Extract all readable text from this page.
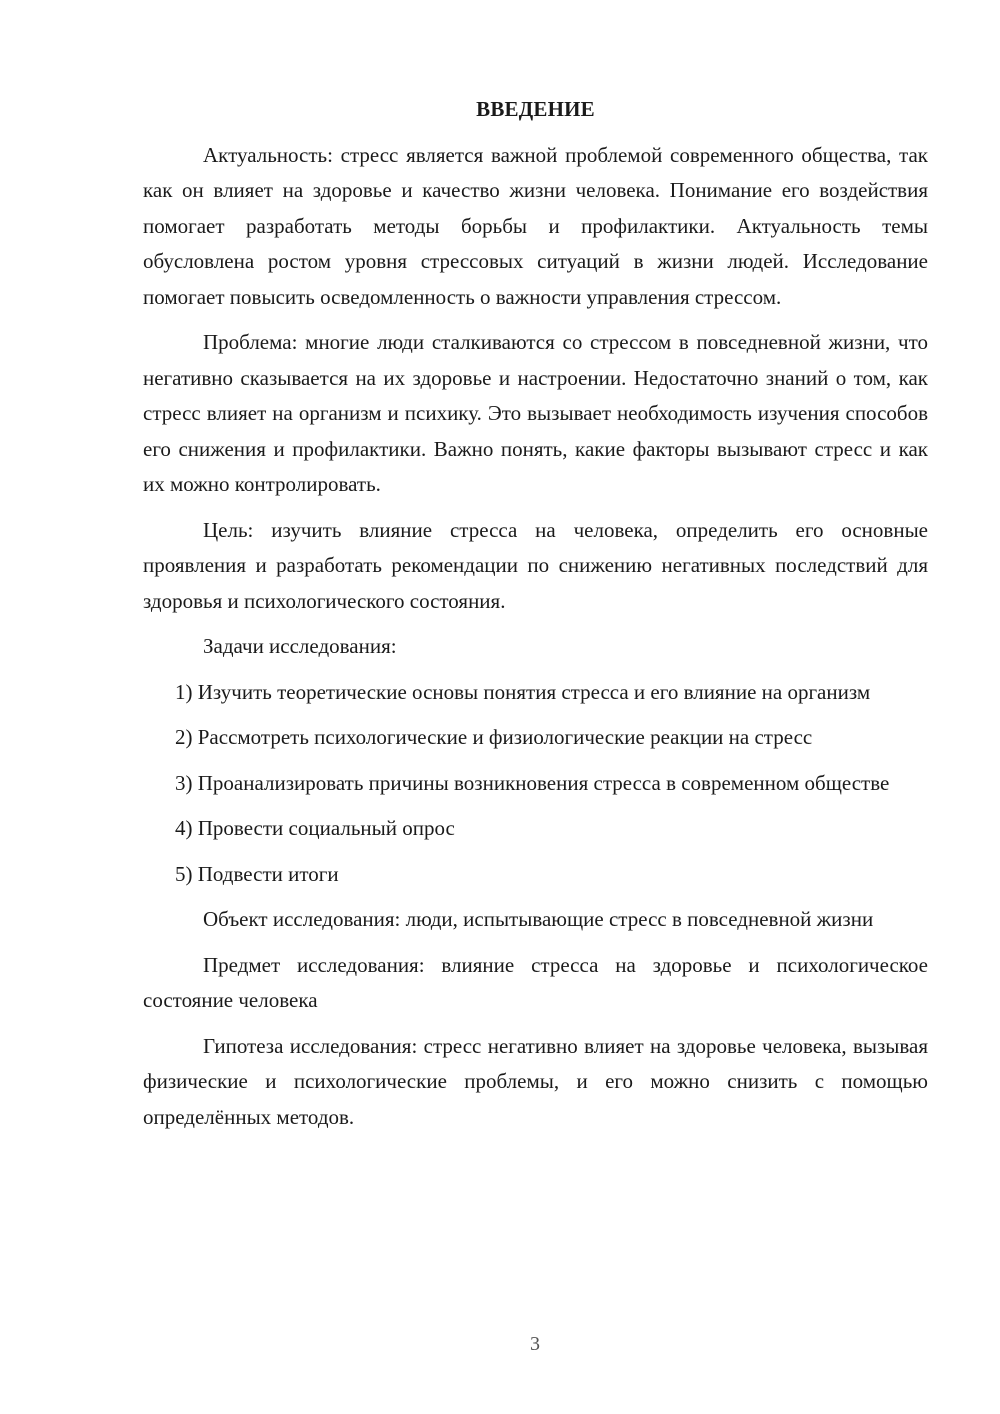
ВВЕДЕНИЕ

Актуальность: стресс является важной проблемой современного общества, так как он влияет на здоровье и качество жизни человека. Понимание его воздействия помогает разработать методы борьбы и профилактики. Актуальность темы обусловлена ростом уровня стрессовых ситуаций в жизни людей. Исследование помогает повысить осведомленность о важности управления стрессом.

Проблема: многие люди сталкиваются со стрессом в повседневной жизни, что негативно сказывается на их здоровье и настроении. Недостаточно знаний о том, как стресс влияет на организм и психику. Это вызывает необходимость изучения способов его снижения и профилактики. Важно понять, какие факторы вызывают стресс и как их можно контролировать.

Цель: изучить влияние стресса на человека, определить его основные проявления и разработать рекомендации по снижению негативных последствий для здоровья и психологического состояния.

Задачи исследования:

1) Изучить теоретические основы понятия стресса и его влияние на организм

2) Рассмотреть психологические и физиологические реакции на стресс

3) Проанализировать причины возникновения стресса в современном обществе

4) Провести социальный опрос

5) Подвести итоги

Объект исследования: люди, испытывающие стресс в повседневной жизни

Предмет исследования: влияние стресса на здоровье и психологическое состояние человека

Гипотеза исследования: стресс негативно влияет на здоровье человека, вызывая физические и психологические проблемы, и его можно снизить с помощью определённых методов.

3
